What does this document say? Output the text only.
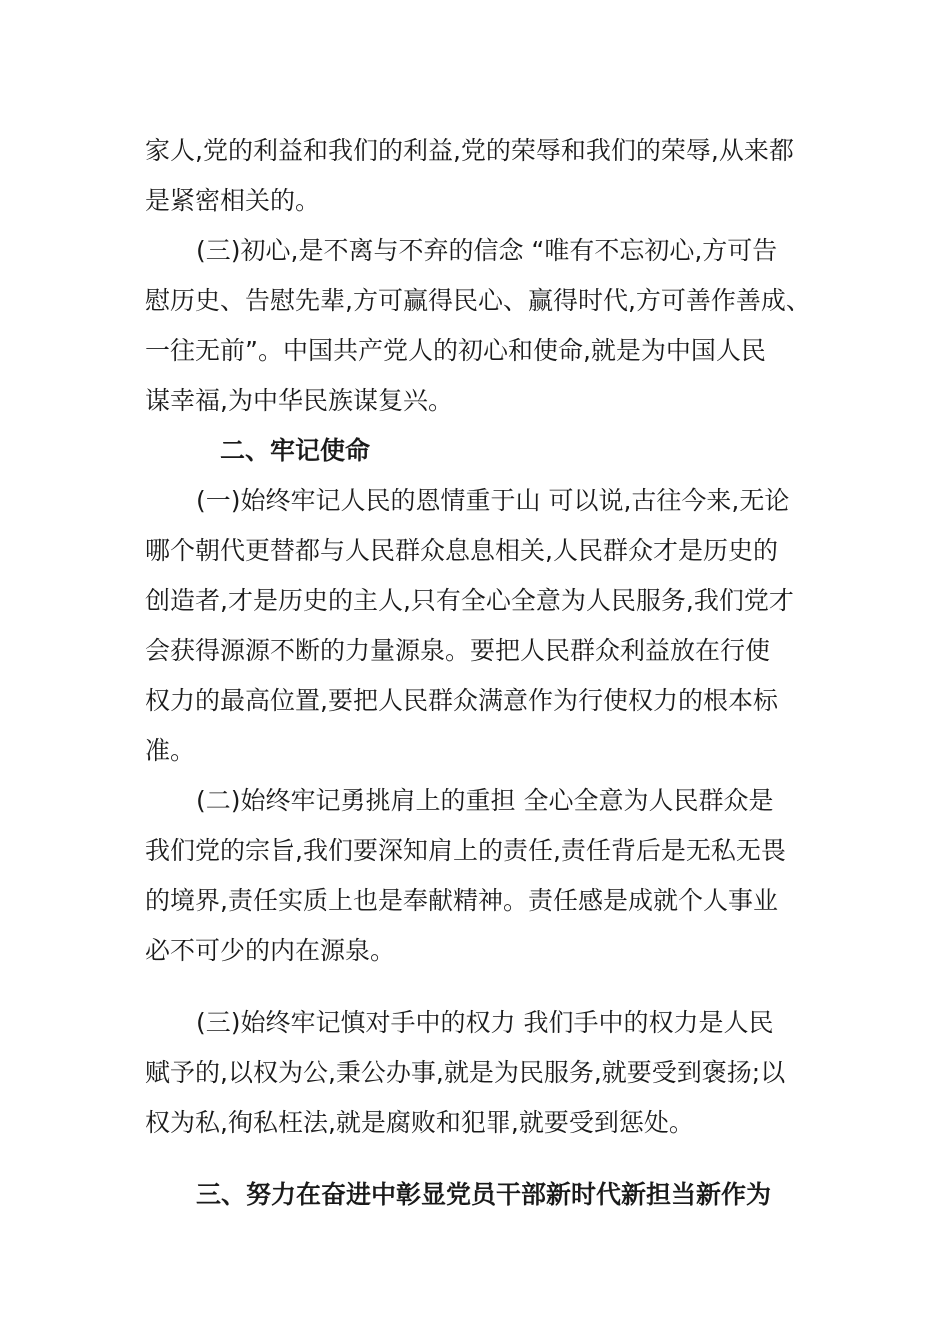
家人,党的利益和我们的利益,党的荣辱和我们的荣辱,从来都
是紧密相关的。
(三)初心,是不离与不弃的信念 “唯有不忘初心,方可告
慰历史、告慰先辈,方可赢得民心、赢得时代,方可善作善成、
一往无前”。中国共产党人的初心和使命,就是为中国人民
谋幸福,为中华民族谋复兴。
二、牢记使命
(一)始终牢记人民的恩情重于山 可以说,古往今来,无论
哪个朝代更替都与人民群众息息相关,人民群众才是历史的
创造者,才是历史的主人,只有全心全意为人民服务,我们党才
会获得源源不断的力量源泉。要把人民群众利益放在行使
权力的最高位置,要把人民群众满意作为行使权力的根本标
准。
(二)始终牢记勇挑肩上的重担 全心全意为人民群众是
我们党的宗旨,我们要深知肩上的责任,责任背后是无私无畏
的境界,责任实质上也是奉献精神。责任感是成就个人事业
必不可少的内在源泉。
(三)始终牢记慎对手中的权力 我们手中的权力是人民
赋予的,以权为公,秉公办事,就是为民服务,就要受到褒扬;以
权为私,徇私枉法,就是腐败和犯罪,就要受到惩处。
三、努力在奋进中彰显党员干部新时代新担当新作为
